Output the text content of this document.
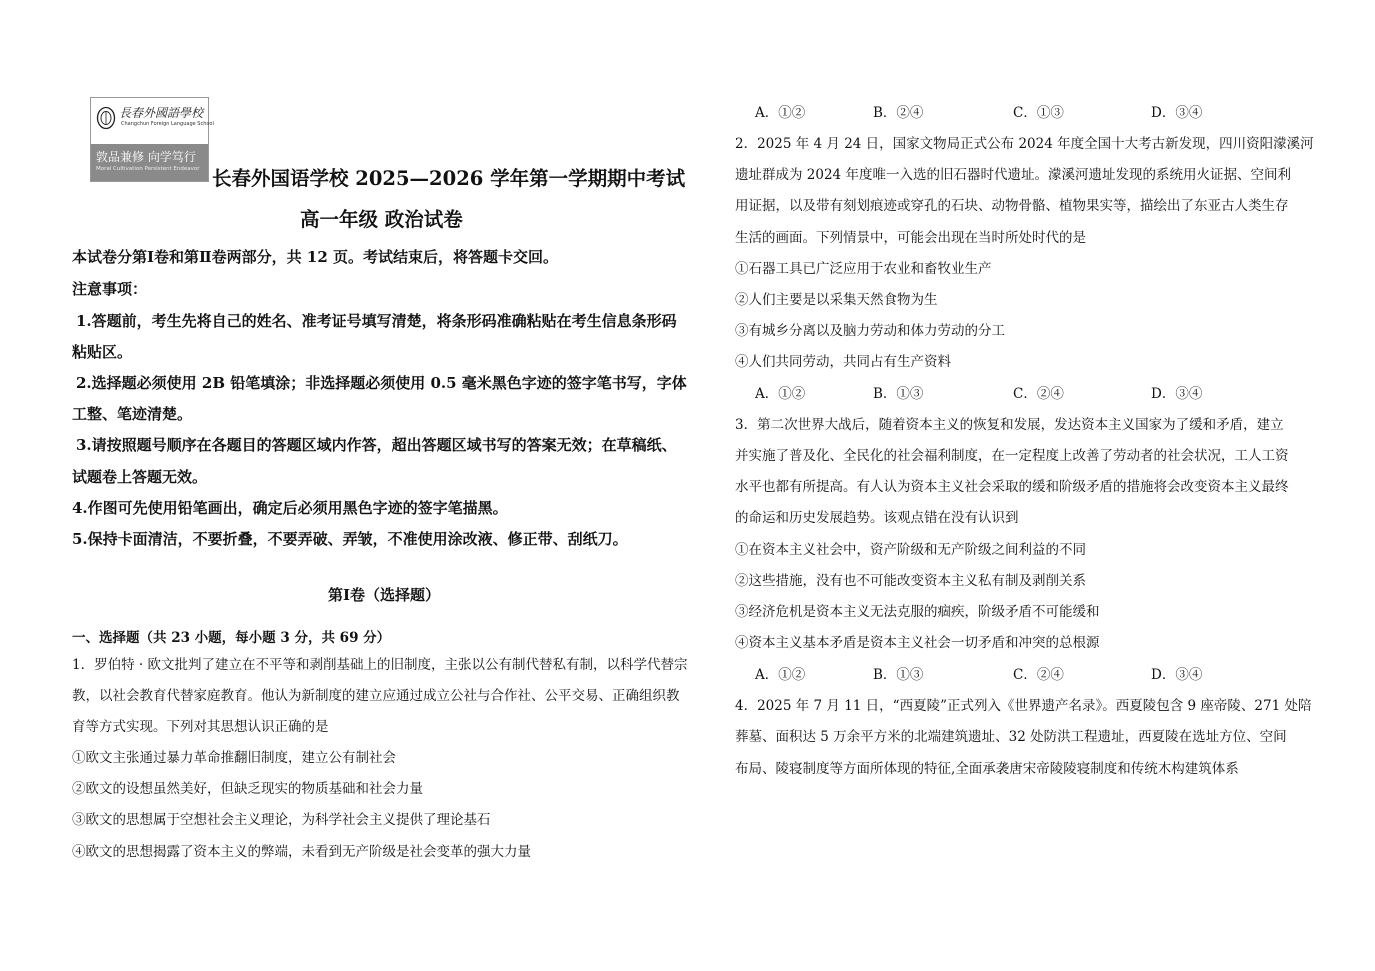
長春外國語學校
Changchun Foreign Language School
敦品兼修 向学笃行
Moral Cultivation Persistent Endeavor 长春外国语学校 2025—2026 学年第一学期期中考试
高一年级 政治试卷
本试卷分第Ⅰ卷和第Ⅱ卷两部分，共 12 页。考试结束后，将答题卡交回。
注意事项：
1.答题前，考生先将自己的姓名、准考证号填写清楚，将条形码准确粘贴在考生信息条形码
粘贴区。
2.选择题必须使用 2B 铅笔填涂；非选择题必须使用 0.5 毫米黑色字迹的签字笔书写，字体
工整、笔迹清楚。
3.请按照题号顺序在各题目的答题区域内作答，超出答题区域书写的答案无效；在草稿纸、
试题卷上答题无效。
4.作图可先使用铅笔画出，确定后必须用黑色字迹的签字笔描黑。
5.保持卡面清洁，不要折叠，不要弄破、弄皱，不准使用涂改液、修正带、刮纸刀。
第Ⅰ卷（选择题）
一、选择题（共 23 小题，每小题 3 分，共 69 分）
1．罗伯特 · 欧文批判了建立在不平等和剥削基础上的旧制度，主张以公有制代替私有制，以科学代替宗
教，以社会教育代替家庭教育。他认为新制度的建立应通过成立公社与合作社、公平交易、正确组织教
育等方式实现。下列对其思想认识正确的是
①欧文主张通过暴力革命推翻旧制度，建立公有制社会
②欧文的设想虽然美好，但缺乏现实的物质基础和社会力量
③欧文的思想属于空想社会主义理论，为科学社会主义提供了理论基石
④欧文的思想揭露了资本主义的弊端，未看到无产阶级是社会变革的强大力量
A．①②	B．②④	C．①③	D．③④
2．2025 年 4 月 24 日，国家文物局正式公布 2024 年度全国十大考古新发现，四川资阳濛溪河
遗址群成为 2024 年度唯一入选的旧石器时代遗址。濛溪河遗址发现的系统用火证据、空间利
用证据，以及带有刻划痕迹或穿孔的石块、动物骨骼、植物果实等，描绘出了东亚古人类生存
生活的画面。下列情景中，可能会出现在当时所处时代的是
①石器工具已广泛应用于农业和畜牧业生产
②人们主要是以采集天然食物为生
③有城乡分离以及脑力劳动和体力劳动的分工
④人们共同劳动，共同占有生产资料
A．①②	B．①③	C．②④	D．③④
3．第二次世界大战后，随着资本主义的恢复和发展，发达资本主义国家为了缓和矛盾，建立
并实施了普及化、全民化的社会福利制度，在一定程度上改善了劳动者的社会状况，工人工资
水平也都有所提高。有人认为资本主义社会采取的缓和阶级矛盾的措施将会改变资本主义最终
的命运和历史发展趋势。该观点错在没有认识到
①在资本主义社会中，资产阶级和无产阶级之间利益的不同
②这些措施，没有也不可能改变资本主义私有制及剥削关系
③经济危机是资本主义无法克服的痼疾，阶级矛盾不可能缓和
④资本主义基本矛盾是资本主义社会一切矛盾和冲突的总根源
A．①②	B．①③	C．②④	D．③④
4．2025 年 7 月 11 日，“西夏陵”正式列入《世界遗产名录》。西夏陵包含 9 座帝陵、271 处陪
葬墓、面积达 5 万余平方米的北端建筑遗址、32 处防洪工程遗址，西夏陵在选址方位、空间
布局、陵寝制度等方面所体现的特征,全面承袭唐宋帝陵陵寝制度和传统木构建筑体系
